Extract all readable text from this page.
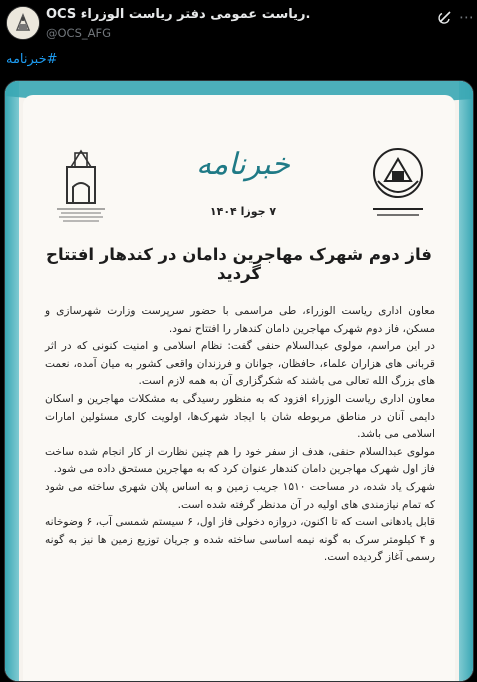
OCS ریاست عمومی دفتر ریاست الوزراء.
@OCS_AFG
⋯
#خبرنامه
خبرنامه
۷ جوزا ۱۴۰۴
فاز دوم شهرک مهاجرین دامان در کندهار افتتاح گردید

معاون اداری ریاست الوزراء، طی مراسمی با حضور سرپرست وزارت شهرسازی و مسکن، فاز دوم شهرک مهاجرین دامان کندهار را افتتاح نمود.

در این مراسم، مولوی عبدالسلام حنفی گفت: نظام اسلامی و امنیت کنونی که در اثر قربانی های هزاران علماء، حافظان، جوانان و فرزندان واقعی کشور به میان آمده، نعمت های بزرگ الله تعالی می باشند که شکرگزاری آن به همه لازم است.

معاون اداری ریاست الوزراء افزود که به منظور رسیدگی به مشکلات مهاجرین و اسکان دایمی آنان در مناطق مربوطه شان با ایجاد شهرک‌ها، اولویت کاری مسئولین امارات اسلامی می باشد.

مولوی عبدالسلام حنفی، هدف از سفر خود را هم چنین نظارت از کار انجام شده ساخت فاز اول شهرک مهاجرین دامان کندهار عنوان کرد که به مهاجرین مستحق داده می شود.

شهرک یاد شده، در مساحت ۱۵۱۰ جریب زمین و به اساس پلان شهری ساخته می شود که تمام نیازمندی های اولیه در آن مدنظر گرفته شده است.

قابل یادهانی است که تا اکنون، دروازه دخولی فاز اول، ۶ سیستم شمسی آب، ۶ وضوخانه و ۴ کیلومتر سرک به گونه نیمه اساسی ساخته شده و جریان توزیع زمین ها نیز به گونه رسمی آغاز گردیده است.
